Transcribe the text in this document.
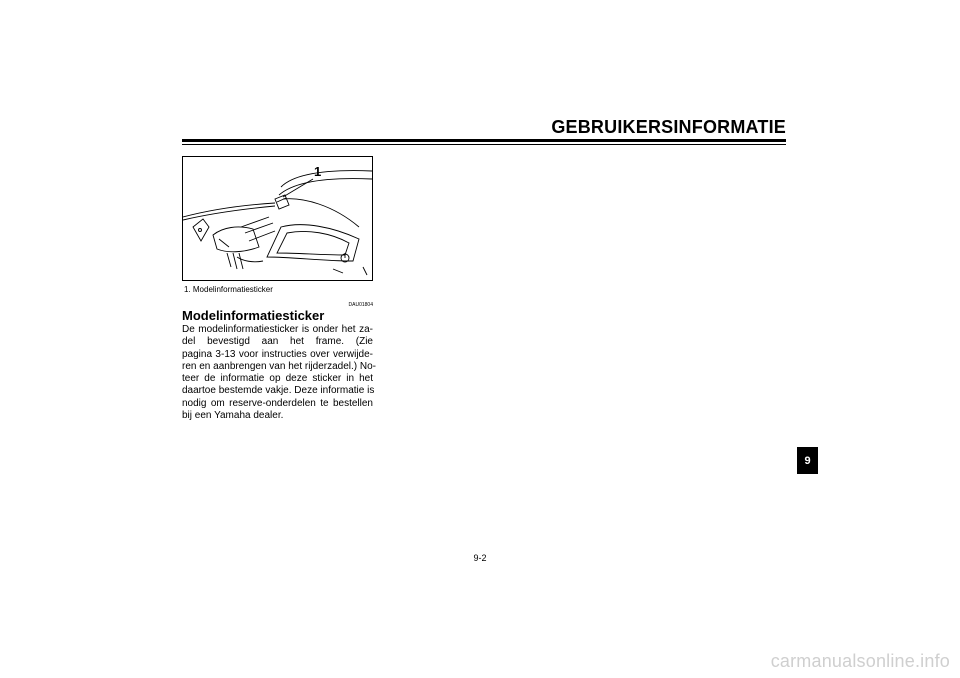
GEBRUIKERSINFORMATIE
1
1. Modelinformatiesticker
DAU01804
Modelinformatiesticker

De modelinformatiesticker is onder het za-
del bevestigd aan het frame. (Zie
pagina 3-13 voor instructies over verwijde-
ren en aanbrengen van het rijderzadel.) No-
teer de informatie op deze sticker in het
daartoe bestemde vakje. Deze informatie is
nodig om reserve-onderdelen te bestellen
bij een Yamaha dealer.

9
9-2
carmanualsonline.info
